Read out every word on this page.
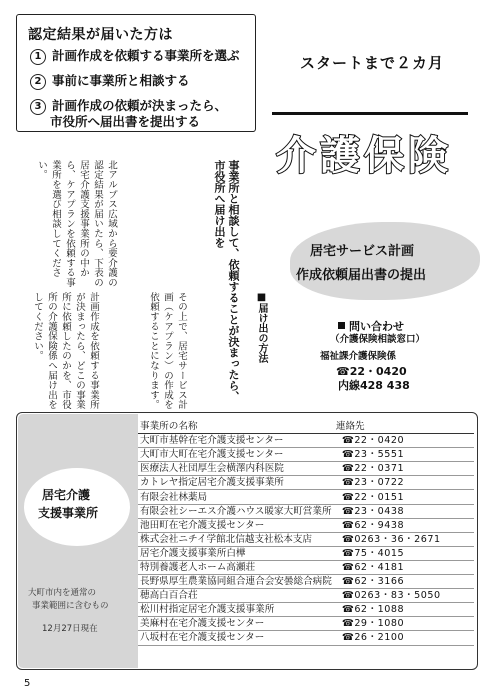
認定結果が届いた方は
1 計画作成を依頼する事業所を選ぶ
2 事前に事業所と相談する
3 計画作成の依頼が決まったら、
市役所へ届出書を提出する
スタートまで２カ月
介護保険
居宅サービス計画
作成依頼届出書の提出
問い合わせ
（介護保険相談窓口）
福祉課介護保険係
☎22・0420
内線428 438
事業所と相談して、依頼することが決まったら、市役所へ届け出を
北アルプス広域から要介護の認定結果が届いたら、下表の居宅介護支援事業所の中から、ケアプランを依頼する事業所を選び相談してください。
計画作成を依頼する事業所が決まったら、どこの事業所に依頼したのかを、市役所の介護保険係へ届け出をしてください。	その上で、居宅サービス計画（ケアプラン）の作成を依頼することになります。	■届け出の方法
居宅介護
支援事業所
大町市内を通常の
事業範囲に含むもの
12月27日現在
事業所の名称	連絡先
大町市基幹在宅介護支援センター	☎22・0420
大町市大町在宅介護支援センター	☎23・5551
医療法人社団厚生会横澤内科医院	☎22・0371
カトレヤ指定居宅介護支援事業所	☎23・0722
有限会社林薬局	☎22・0151
有限会社シーエス介護ハウス暖家大町営業所	☎23・0438
池田町在宅介護支援センター	☎62・9438
株式会社ニチイ学館北信越支社松本支店	☎0263・36・2671
居宅介護支援事業所白樺	☎75・4015
特別養護老人ホーム高瀬荘	☎62・4181
長野県厚生農業協同組合連合会安曇総合病院	☎62・3166
穂高白百合荘	☎0263・83・5050
松川村指定居宅介護支援事業所	☎62・1088
美麻村在宅介護支援センター	☎29・1080
八坂村在宅介護支援センター	☎26・2100
5
